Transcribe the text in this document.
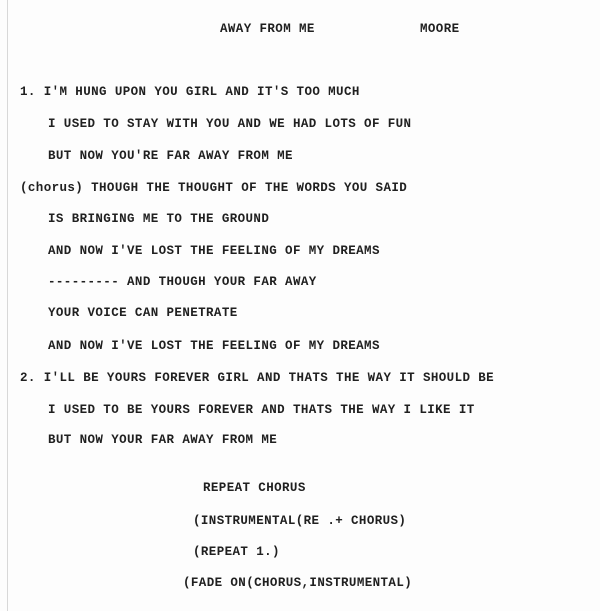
AWAY FROM ME	MOORE
1. I'M HUNG UPON YOU GIRL AND IT'S TOO MUCH
I USED TO STAY WITH YOU AND WE HAD LOTS OF FUN
BUT NOW YOU'RE FAR AWAY FROM ME
(chorus) THOUGH THE THOUGHT OF THE WORDS YOU SAID
IS BRINGING ME TO THE GROUND
AND NOW I'VE LOST THE FEELING OF MY DREAMS
--------- AND THOUGH YOUR FAR AWAY
YOUR VOICE CAN PENETRATE
AND NOW I'VE LOST THE FEELING OF MY DREAMS
2. I'LL BE YOURS FOREVER GIRL AND THATS THE WAY IT SHOULD BE
I USED TO BE YOURS FOREVER AND THATS THE WAY I LIKE IT
BUT NOW YOUR FAR AWAY FROM ME
REPEAT CHORUS
(INSTRUMENTAL(RE .+ CHORUS)
(REPEAT 1.)
(FADE ON(CHORUS,INSTRUMENTAL)
